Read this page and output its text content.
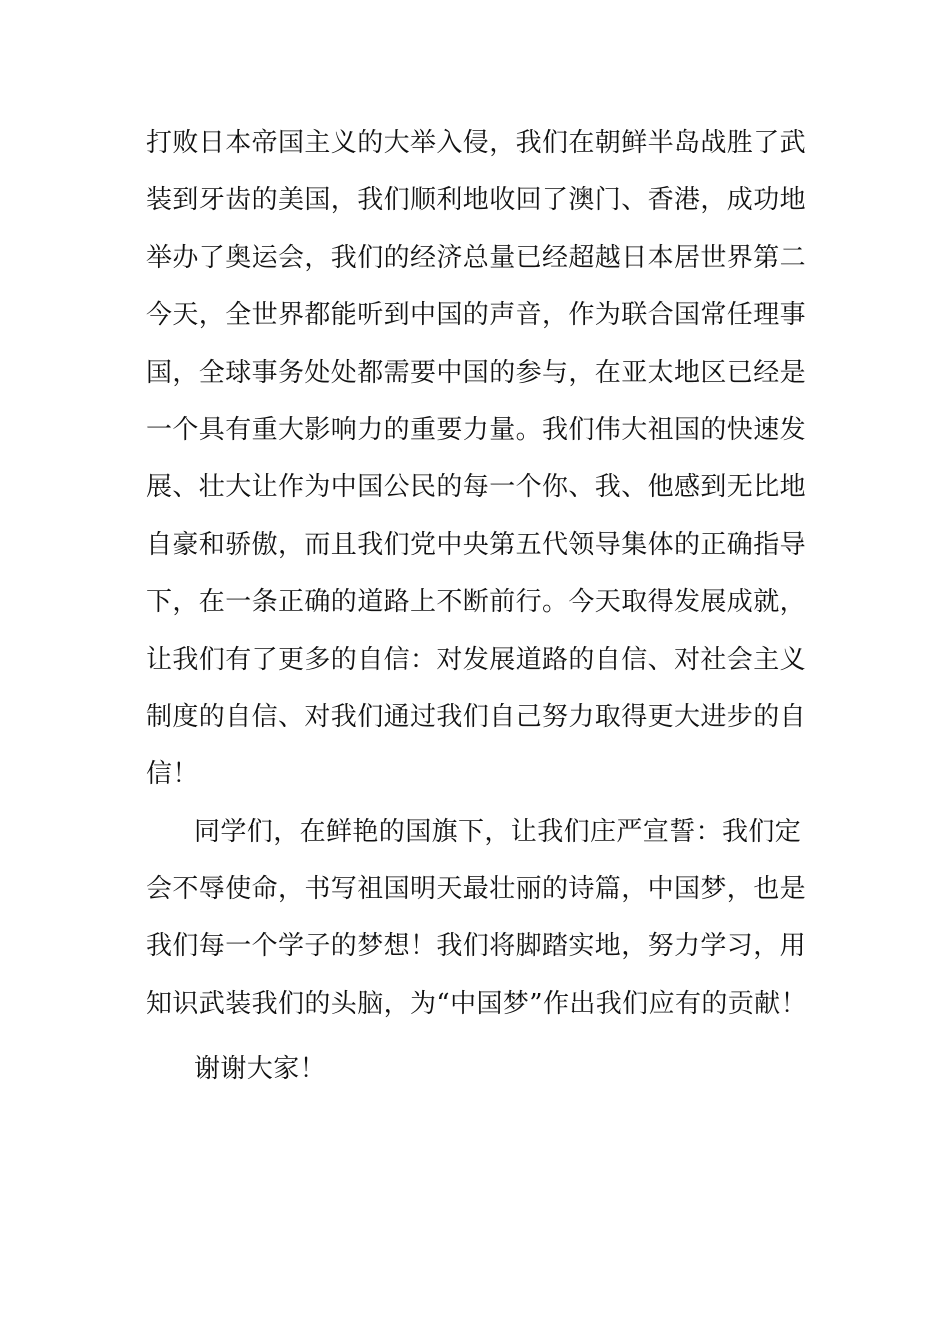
打败日本帝国主义的大举入侵，我们在朝鲜半岛战胜了武
装到牙齿的美国，我们顺利地收回了澳门、香港，成功地
举办了奥运会，我们的经济总量已经超越日本居世界第二
今天，全世界都能听到中国的声音，作为联合国常任理事
国，全球事务处处都需要中国的参与，在亚太地区已经是
一个具有重大影响力的重要力量。我们伟大祖国的快速发
展、壮大让作为中国公民的每一个你、我、他感到无比地
自豪和骄傲，而且我们党中央第五代领导集体的正确指导
下，在一条正确的道路上不断前行。今天取得发展成就，
让我们有了更多的自信：对发展道路的自信、对社会主义
制度的自信、对我们通过我们自己努力取得更大进步的自
信！
同学们，在鲜艳的国旗下，让我们庄严宣誓：我们定
会不辱使命，书写祖国明天最壮丽的诗篇，中国梦，也是
我们每一个学子的梦想！我们将脚踏实地，努力学习，用
知识武装我们的头脑，为“中国梦”作出我们应有的贡献！
谢谢大家！
